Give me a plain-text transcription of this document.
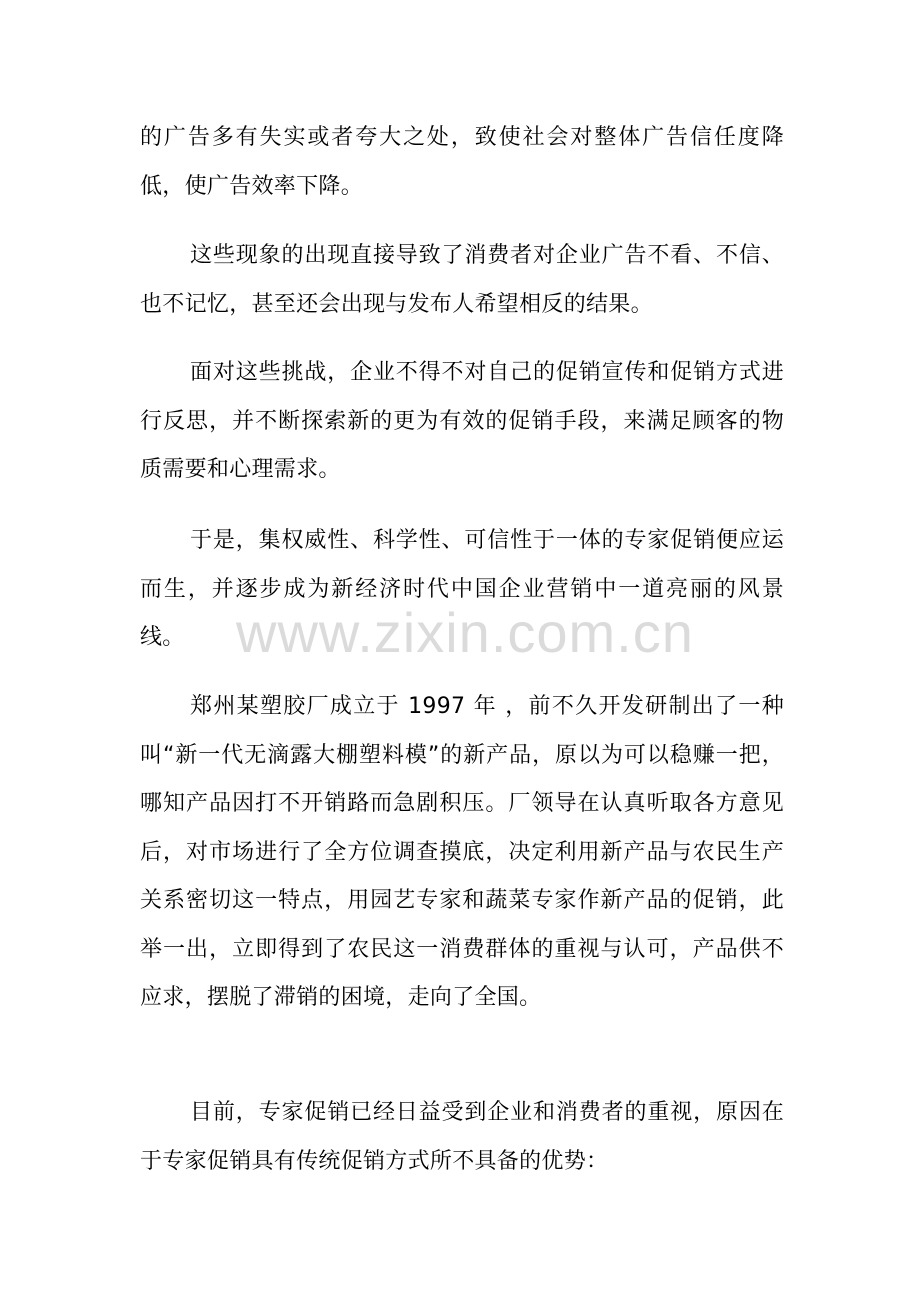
的广告多有失实或者夸大之处，致使社会对整体广告信任度降低，使广告效率下降。

这些现象的出现直接导致了消费者对企业广告不看、不信、也不记忆，甚至还会出现与发布人希望相反的结果。

面对这些挑战，企业不得不对自己的促销宣传和促销方式进行反思，并不断探索新的更为有效的促销手段，来满足顾客的物质需要和心理需求。

于是，集权威性、科学性、可信性于一体的专家促销便应运而生，并逐步成为新经济时代中国企业营销中一道亮丽的风景线。

郑州某塑胶厂成立于 1997 年 ，前不久开发研制出了一种叫“新一代无滴露大棚塑料模”的新产品，原以为可以稳赚一把，哪知产品因打不开销路而急剧积压。厂领导在认真听取各方意见后，对市场进行了全方位调查摸底，决定利用新产品与农民生产关系密切这一特点，用园艺专家和蔬菜专家作新产品的促销，此举一出，立即得到了农民这一消费群体的重视与认可，产品供不应求，摆脱了滞销的困境，走向了全国。

目前，专家促销已经日益受到企业和消费者的重视，原因在于专家促销具有传统促销方式所不具备的优势：

www.zixin.com.cn
